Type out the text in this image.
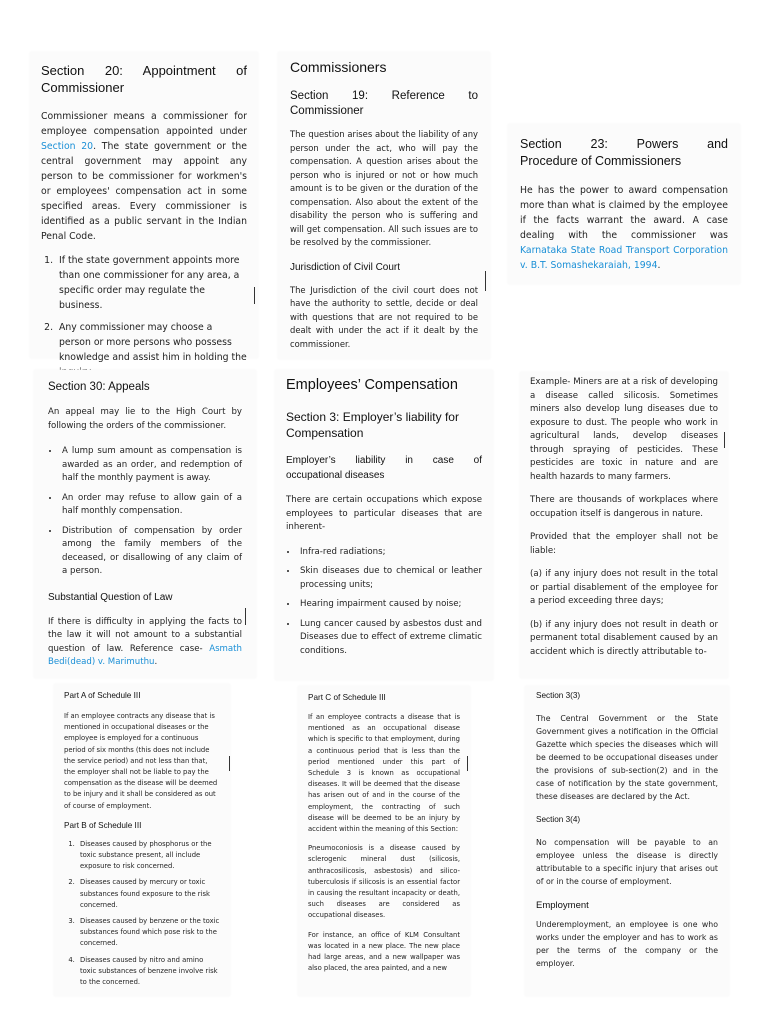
Section 20: Appointment of
Commissioner

Commissioner means a commissioner for employee compensation appointed under Section 20. The state government or the central government may appoint any person to be commissioner for workmen's or employees' compensation act in some specified areas. Every commissioner is identified as a public servant in the Indian Penal Code.

1. If the state government appoints more than one commissioner for any area, a specific order may regulate the business.
2. Any commissioner may choose a person or more persons who possess knowledge and assist him in holding the
Commissioners
Section 19: Reference to
Commissioner

The question arises about the liability of any person under the act, who will pay the compensation. A question arises about the person who is injured or not or how much amount is to be given or the duration of the compensation. Also about the extent of the disability the person who is suffering and will get compensation. All such issues are to be resolved by the commissioner.

Jurisdiction of Civil Court

The Jurisdiction of the civil court does not have the authority to settle, decide or deal with questions that are not required to be dealt with under the act if it dealt by the commissioner.

Section 23: Powers and
Procedure of Commissioners

He has the power to award compensation more than what is claimed by the employee if the facts warrant the award. A case dealing with the commissioner was Karnataka State Road Transport Corporation v. B.T. Somashekaraiah, 1994.

Section 30: Appeals

An appeal may lie to the High Court by following the orders of the commissioner.

• A lump sum amount as compensation is awarded as an order, and redemption of half the monthly payment is away.
• An order may refuse to allow gain of a half monthly compensation.
• Distribution of compensation by order among the family members of the deceased, or disallowing of any claim of a person.
Substantial Question of Law

If there is difficulty in applying the facts to the law it will not amount to a substantial question of law. Reference case- Asmath Bedi(dead) v. Marimuthu.

Employees’ Compensation
Section 3: Employer’s liability for Compensation
Employer’s liability in case of
occupational diseases

There are certain occupations which expose employees to particular diseases that are inherent-

• Infra-red radiations;
• Skin diseases due to chemical or leather processing units;
• Hearing impairment caused by noise;
• Lung cancer caused by asbestos dust and Diseases due to effect of extreme climatic conditions.

Example- Miners are at a risk of developing a disease called silicosis. Sometimes miners also develop lung diseases due to exposure to dust. The people who work in agricultural lands, develop diseases through spraying of pesticides. These pesticides are toxic in nature and are health hazards to many farmers.

There are thousands of workplaces where occupation itself is dangerous in nature.

Provided that the employer shall not be liable:

(a) if any injury does not result in the total or partial disablement of the employee for a period exceeding three days;

(b) if any injury does not result in death or permanent total disablement caused by an accident which is directly attributable to-

Part A of Schedule III

If an employee contracts any disease that is mentioned in occupational diseases or the employee is employed for a continuous period of six months (this does not include the service period) and not less than that, the employer shall not be liable to pay the compensation as the disease will be deemed to be injury and it shall be considered as out of course of employment.

Part B of Schedule III
1. Diseases caused by phosphorus or the toxic substance present, all include exposure to risk concerned.
2. Diseases caused by mercury or toxic substances found exposure to the risk concerned.
3. Diseases caused by benzene or the toxic substances found which pose risk to the concerned.
4. Diseases caused by nitro and amino toxic substances of benzene involve risk to the concerned.
Part C of Schedule III

If an employee contracts a disease that is mentioned as an occupational disease which is specific to that employment, during a continuous period that is less than the period mentioned under this part of Schedule 3 is known as occupational diseases. It will be deemed that the disease has arisen out of and in the course of the employment, the contracting of such disease will be deemed to be an injury by accident within the meaning of this Section:

Pneumoconiosis is a disease caused by sclerogenic mineral dust (silicosis, anthracosilicosis, asbestosis) and silico-tuberculosis if silicosis is an essential factor in causing the resultant incapacity or death, such diseases are considered as occupational diseases.

For instance, an office of KLM Consultant was located in a new place. The new place had large areas, and a new wallpaper was also placed, the area painted, and a new

Section 3(3)

The Central Government or the State Government gives a notification in the Official Gazette which species the diseases which will be deemed to be occupational diseases under the provisions of sub-section(2) and in the case of notification by the state government, these diseases are declared by the Act.

Section 3(4)

No compensation will be payable to an employee unless the disease is directly attributable to a specific injury that arises out of or in the course of employment.

Employment

Underemployment, an employee is one who works under the employer and has to work as per the terms of the company or the employer.
